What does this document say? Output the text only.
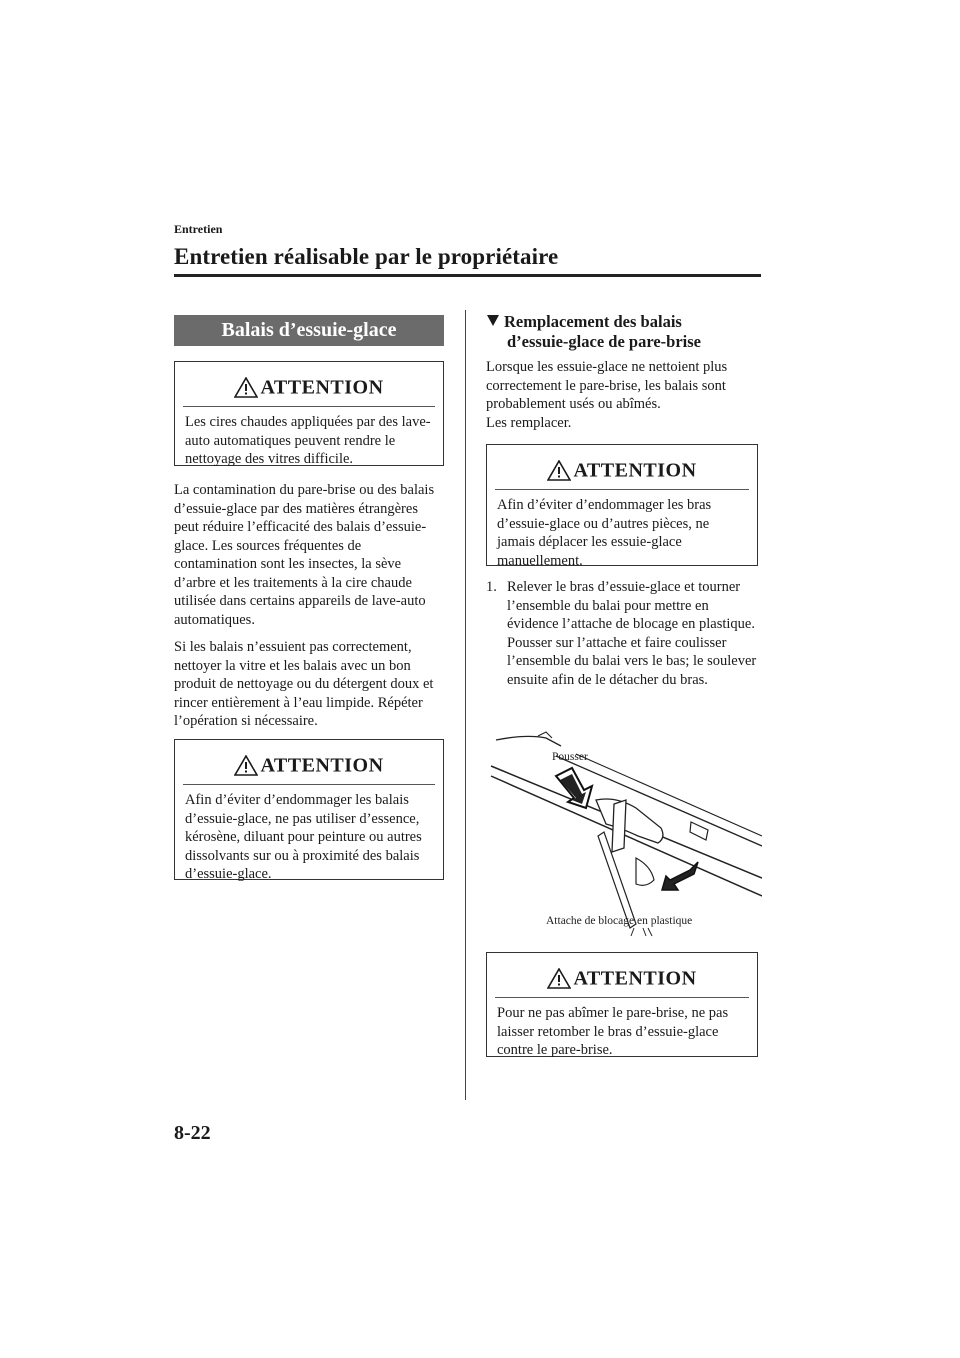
Entretien
Entretien réalisable par le propriétaire
Balais d’essuie-glace
ATTENTION
Les cires chaudes appliquées par des lave-auto automatiques peuvent rendre le nettoyage des vitres difficile.
La contamination du pare-brise ou des balais d’essuie-glace par des matières étrangères peut réduire l’efficacité des balais d’essuie-glace. Les sources fréquentes de contamination sont les insectes, la sève d’arbre et les traitements à la cire chaude utilisée dans certains appareils de lave-auto automatiques.
Si les balais n’essuient pas correctement, nettoyer la vitre et les balais avec un bon produit de nettoyage ou du détergent doux et rincer entièrement à l’eau limpide. Répéter l’opération si nécessaire.
ATTENTION
Afin d’éviter d’endommager les balais d’essuie-glace, ne pas utiliser d’essence, kérosène, diluant pour peinture ou autres dissolvants sur ou à proximité des balais d’essuie-glace.
Remplacement des balais
d’essuie-glace de pare-brise
Lorsque les essuie-glace ne nettoient plus correctement le pare-brise, les balais sont probablement usés ou abîmés.
Les remplacer.
ATTENTION
Afin d’éviter d’endommager les bras d’essuie-glace ou d’autres pièces, ne jamais déplacer les essuie-glace manuellement.
1. Relever le bras d’essuie-glace et tourner l’ensemble du balai pour mettre en évidence l’attache de blocage en plastique.
Pousser sur l’attache et faire coulisser l’ensemble du balai vers le bas; le soulever ensuite afin de le détacher du bras.
Pousser
Attache de blocage en plastique
ATTENTION
Pour ne pas abîmer le pare-brise, ne pas laisser retomber le bras d’essuie-glace contre le pare-brise.
8-22
